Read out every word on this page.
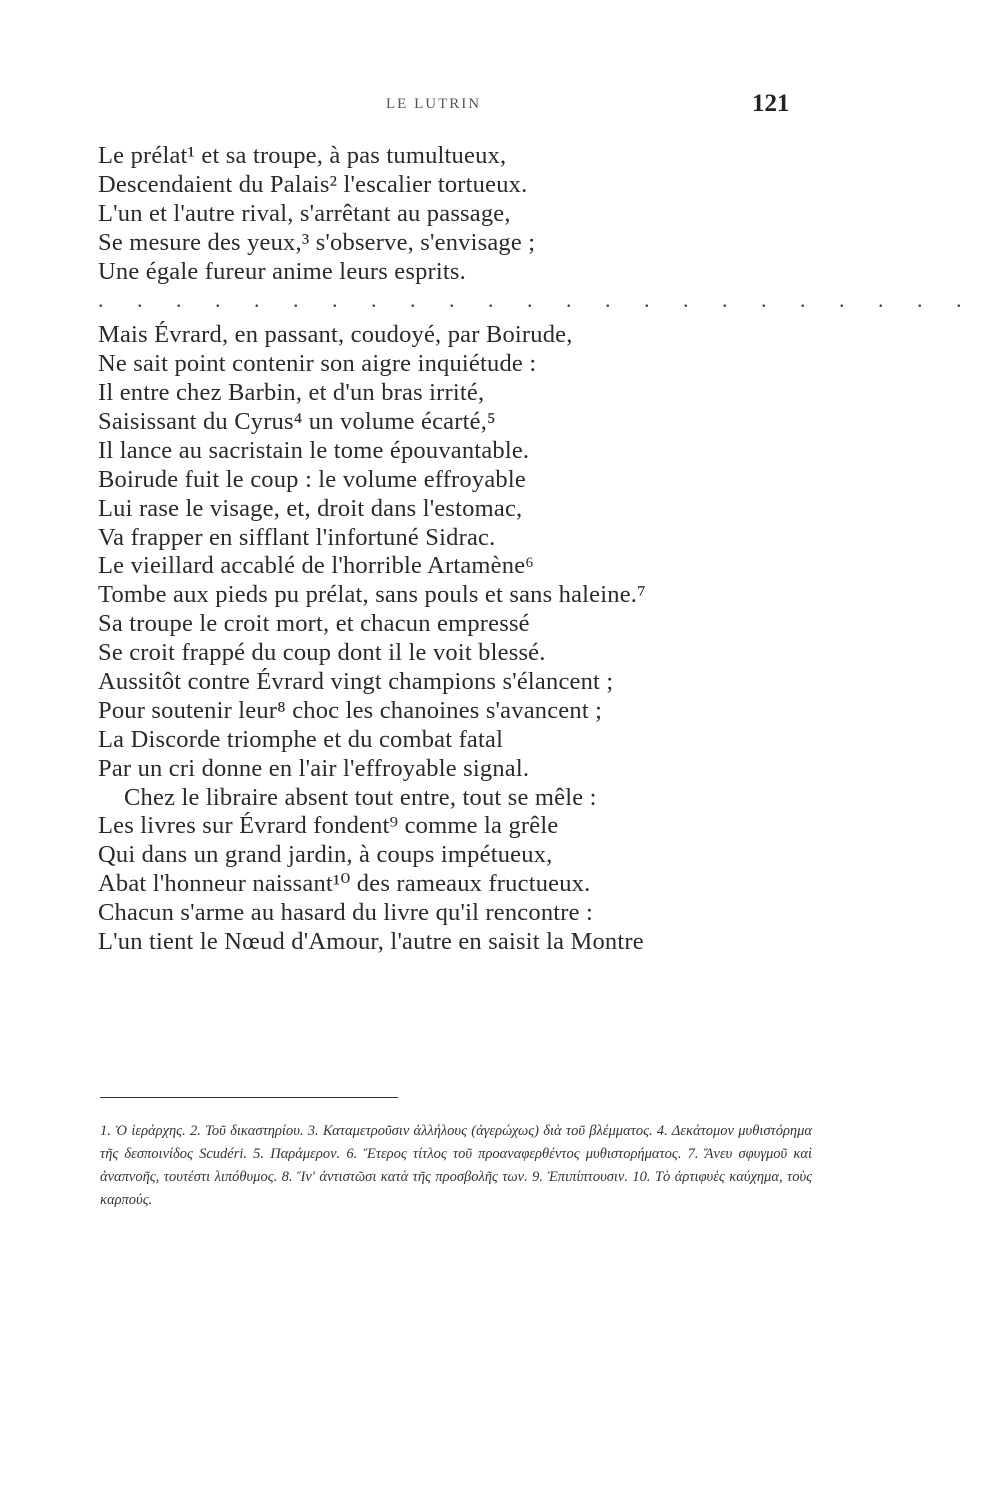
LE LUTRIN	121
Le prélat¹ et sa troupe, à pas tumultueux,
Descendaient du Palais² l'escalier tortueux.
L'un et l'autre rival, s'arrêtant au passage,
Se mesure des yeux,³ s'observe, s'envisage ;
Une égale fureur anime leurs esprits.
. . . . . . . . . . . . . . . . . . . . . . .
Mais Évrard, en passant, coudoyé, par Boirude,
Ne sait point contenir son aigre inquiétude :
Il entre chez Barbin, et d'un bras irrité,
Saisissant du Cyrus⁴ un volume écarté,⁵
Il lance au sacristain le tome épouvantable.
Boirude fuit le coup : le volume effroyable
Lui rase le visage, et, droit dans l'estomac,
Va frapper en sifflant l'infortuné Sidrac.
Le vieillard accablé de l'horrible Artamène⁶
Tombe aux pieds pu prélat, sans pouls et sans haleine.⁷
Sa troupe le croit mort, et chacun empressé
Se croit frappé du coup dont il le voit blessé.
Aussitôt contre Évrard vingt champions s'élancent ;
Pour soutenir leur⁸ choc les chanoines s'avancent ;
La Discorde triomphe et du combat fatal
Par un cri donne en l'air l'effroyable signal.
Chez le libraire absent tout entre, tout se mêle :
Les livres sur Évrard fondent⁹ comme la grêle
Qui dans un grand jardin, à coups impétueux,
Abat l'honneur naissant¹⁰ des rameaux fructueux.
Chacun s'arme au hasard du livre qu'il rencontre :
L'un tient le Nœud d'Amour, l'autre en saisit la Montre
1. Ὁ ἱεράρχης. 2. Τοῦ δικαστηρίου. 3. Καταμετροῦσιν ἀλλήλους (ἀγερώχως) διὰ τοῦ βλέμματος. 4. Δεκάτομον μυθιστόρημα τῆς δεσποινίδος Scudéri. 5. Παράμερον. 6. Ἕτερος τίτλος τοῦ προαναφερθέντος μυθιστορήματος. 7. Ἄνευ σφυγμοῦ καὶ ἀναπνοῆς, τουτέστι λιπόθυμος. 8. Ἵν' ἀντιστῶσι κατὰ τῆς προσβολῆς των. 9. Ἐπιπίπτουσιν. 10. Τὸ ἀρτιφυὲς καύχημα, τοὺς καρπούς.
